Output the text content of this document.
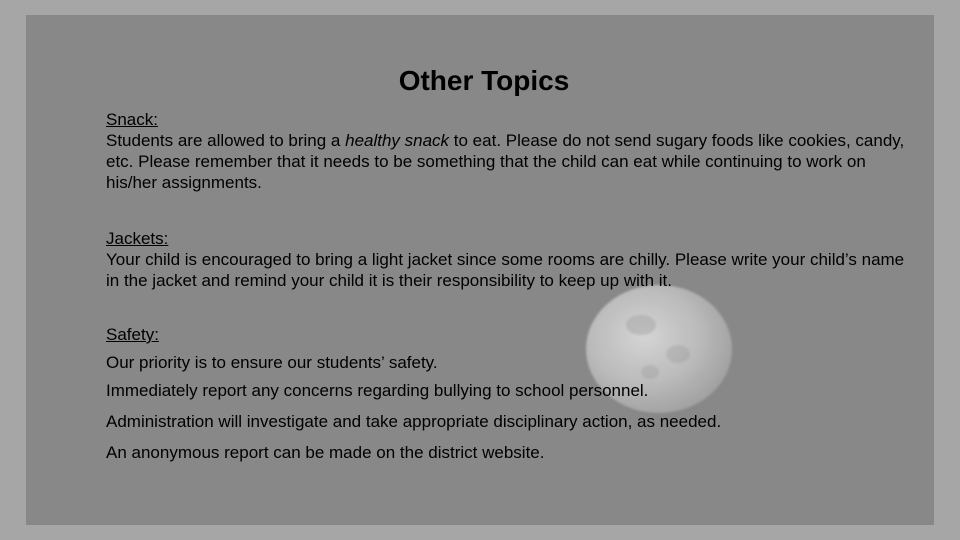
Other Topics

Snack:

Students are allowed to bring a healthy snack to eat. Please do not send sugary foods like cookies, candy, etc. Please remember that it needs to be something that the child can eat while continuing to work on his/her assignments.

Jackets:

Your child is encouraged to bring a light jacket since some rooms are chilly. Please write your child’s name in the jacket and remind your child it is their responsibility to keep up with it.

Safety:

Our priority is to ensure our students’ safety.

Immediately report any concerns regarding bullying to school personnel.

Administration will investigate and take appropriate disciplinary action, as needed.

An anonymous report can be made on the district website.
